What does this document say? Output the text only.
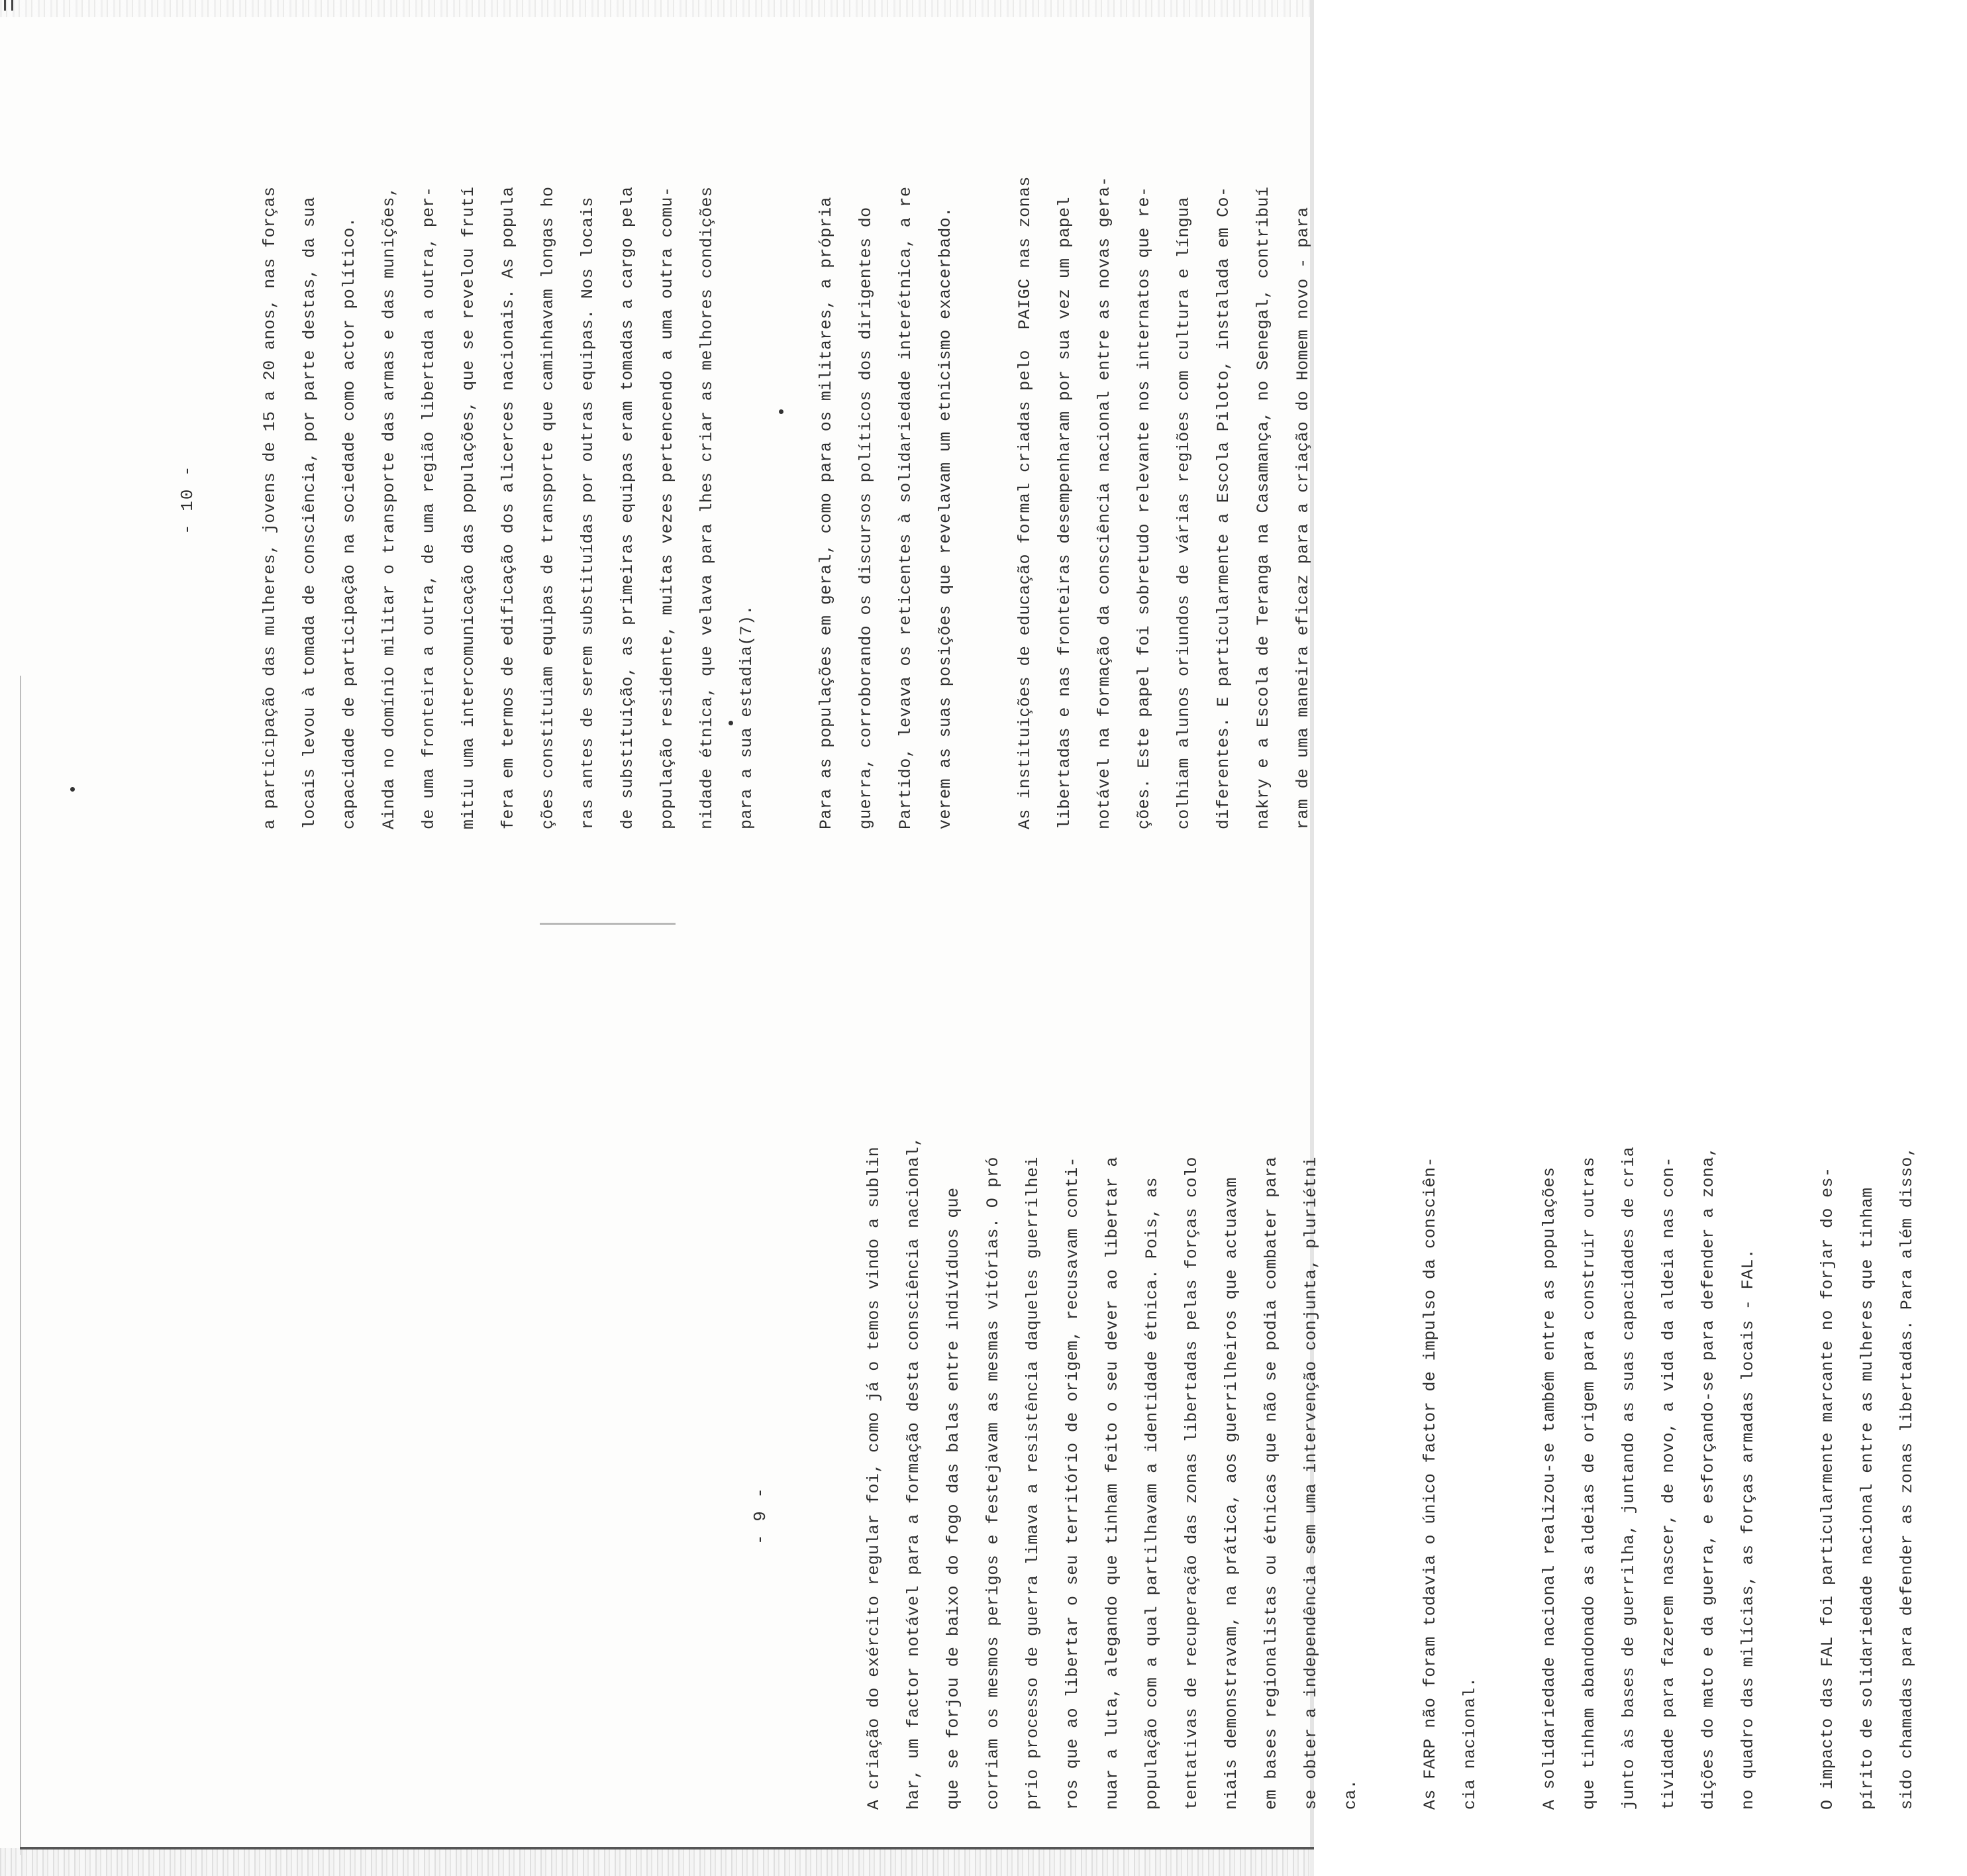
- 9 -
- 10 -
A criação do exército regular foi, como já o temos vindo a sublin	har, um factor notável para a formação desta consciência nacional,	que se forjou de baixo do fogo das balas entre indivíduos que	corriam os mesmos perigos e festejavam as mesmas vitórias. O pró	prio processo de guerra limava a resistência daqueles guerrilhei	ros que ao libertar o seu território de origem, recusavam conti-	nuar a luta, alegando que tinham feito o seu dever ao libertar a	população com a qual partilhavam a identidade étnica. Pois, as	tentativas de recuperação das zonas libertadas pelas forças colo	niais demonstravam, na prática, aos guerrilheiros que actuavam	em bases regionalistas ou étnicas que não se podia combater para	se obter a independência sem uma intervenção conjunta, pluriétni	ca.	As FARP não foram todavia o único factor de impulso da consciên-	cia nacional.	A solidariedade nacional realizou-se também entre as populações	que tinham abandonado as aldeias de origem para construir outras	junto às bases de guerrilha, juntando as suas capacidades de cria	tividade para fazerem nascer, de novo, a vida da aldeia nas con-	dições do mato e da guerra, e esforçando-se para defender a zona,	no quadro das milícias, as forças armadas locais - FAL.	O impacto das FAL foi particularmente marcante no forjar do es-	pírito de solidariedade nacional entre as mulheres que tinham	sido chamadas para defender as zonas libertadas. Para além disso,
a participação das mulheres, jovens de 15 a 20 anos, nas forças	locais levou à tomada de consciência, por parte destas, da sua	capacidade de participação na sociedade como actor político.	Ainda no domínio militar o transporte das armas e das munições,	de uma fronteira a outra, de uma região libertada a outra, per-	mitiu uma intercomunicação das populações, que se revelou frutí	fera em termos de edificação dos alicerces nacionais. As popula	ções constituiam equipas de transporte que caminhavam longas ho	ras antes de serem substituídas por outras equipas. Nos locais	de substituição, as primeiras equipas eram tomadas a cargo pela	população residente, muitas vezes pertencendo a uma outra comu-	nidade étnica, que velava para lhes criar as melhores condições	para a sua estadia(7).	Para as populações em geral, como para os militares, a própria	guerra, corroborando os discursos políticos dos dirigentes do	Partido, levava os reticentes à solidariedade interétnica, a re	verem as suas posições que revelavam um etnicismo exacerbado.	As instituições de educação formal criadas pelo  PAIGC nas zonas	libertadas e nas fronteiras desempenharam por sua vez um papel	notável na formação da consciência nacional entre as novas gera-	ções. Este papel foi sobretudo relevante nos internatos que re-	colhiam alunos oriundos de várias regiões com cultura e língua	diferentes. E particularmente a Escola Piloto, instalada em Co-	nakry e a Escola de Teranga na Casamança, no Senegal, contribuí	ram de uma maneira eficaz para a criação do Homem novo - para
